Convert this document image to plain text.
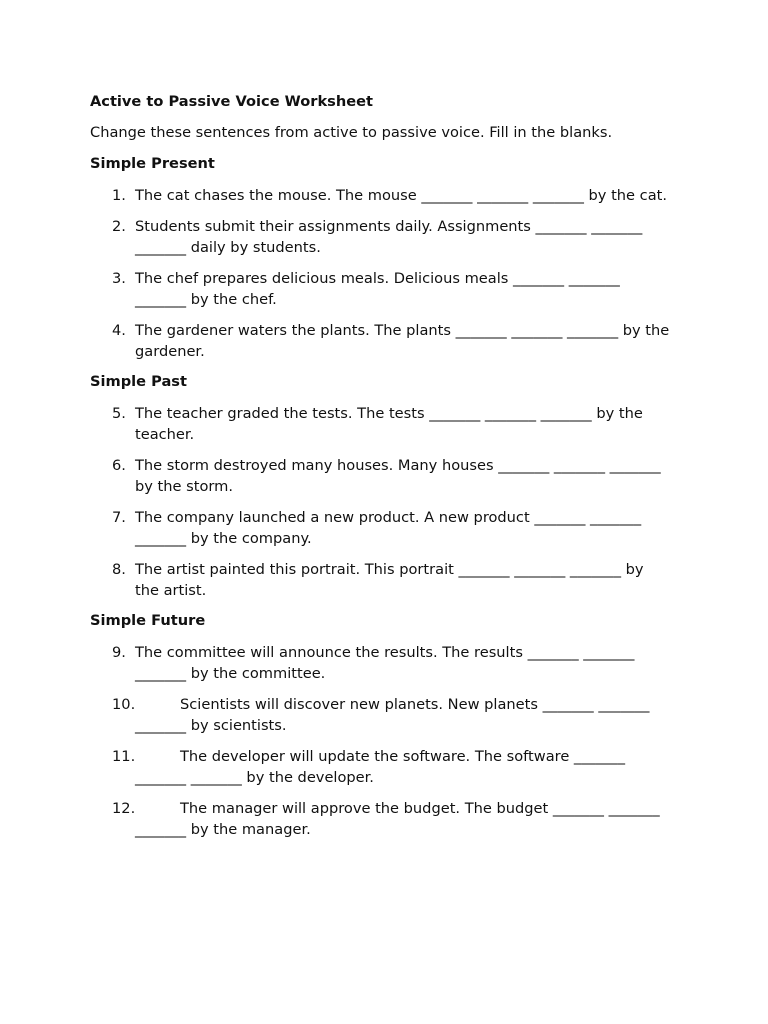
Active to Passive Voice Worksheet
Change these sentences from active to passive voice. Fill in the blanks.
Simple Present
1. The cat chases the mouse. The mouse _______ _______ _______ by the cat.
2. Students submit their assignments daily. Assignments _______ _______ _______ daily by students.
3. The chef prepares delicious meals. Delicious meals _______ _______ _______ by the chef.
4. The gardener waters the plants. The plants _______ _______ _______ by the gardener.
Simple Past
5. The teacher graded the tests. The tests _______ _______ _______ by the teacher.
6. The storm destroyed many houses. Many houses _______ _______ _______ by the storm.
7. The company launched a new product. A new product _______ _______ _______ by the company.
8. The artist painted this portrait. This portrait _______ _______ _______ by the artist.
Simple Future
9. The committee will announce the results. The results _______ _______ _______ by the committee.
10.	Scientists will discover new planets. New planets _______ _______ _______ by scientists.
11.	The developer will update the software. The software _______ _______ _______ by the developer.
12.	The manager will approve the budget. The budget _______ _______ _______ by the manager.
